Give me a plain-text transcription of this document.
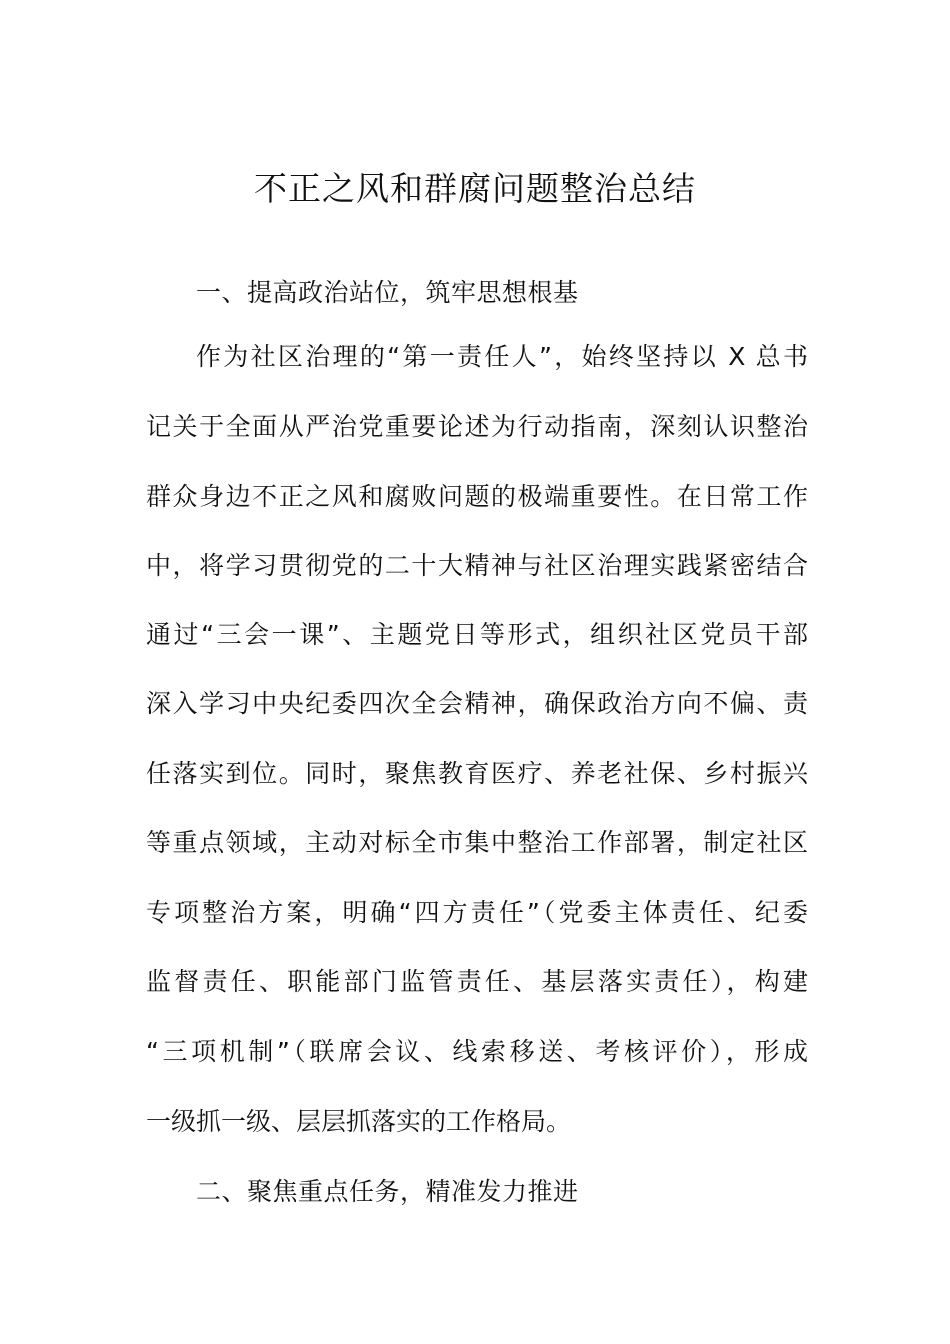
不正之风和群腐问题整治总结
一、提高政治站位，筑牢思想根基
作为社区治理的“第一责任人”，始终坚持以 X 总书
记关于全面从严治党重要论述为行动指南，深刻认识整治
群众身边不正之风和腐败问题的极端重要性。在日常工作
中，将学习贯彻党的二十大精神与社区治理实践紧密结合
通过“三会一课”、主题党日等形式，组织社区党员干部
深入学习中央纪委四次全会精神，确保政治方向不偏、责
任落实到位。同时，聚焦教育医疗、养老社保、乡村振兴
等重点领域，主动对标全市集中整治工作部署，制定社区
专项整治方案，明确“四方责任”（党委主体责任、纪委
监督责任、职能部门监管责任、基层落实责任），构建
“三项机制”（联席会议、线索移送、考核评价），形成
一级抓一级、层层抓落实的工作格局。
二、聚焦重点任务，精准发力推进
